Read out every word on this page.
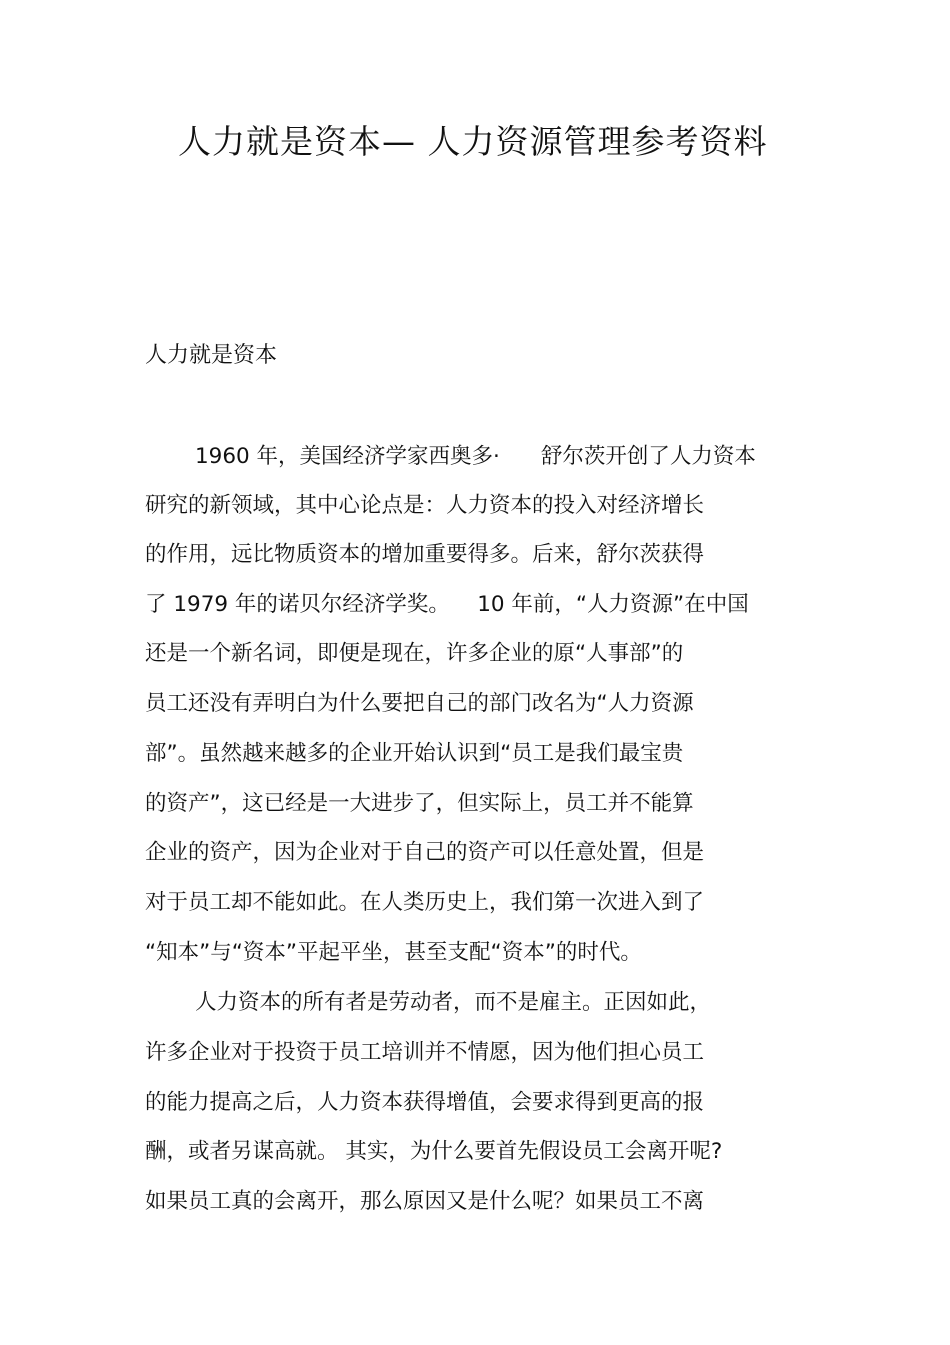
人力就是资本— 人力资源管理参考资料
人力就是资本

1960 年，美国经济学家西奥多·      舒尔茨开创了人力资本

研究的新领域，其中心论点是：人力资本的投入对经济增长

的作用，远比物质资本的增加重要得多。后来，舒尔茨获得

了 1979 年的诺贝尔经济学奖。    10 年前，“人力资源”在中国

还是一个新名词，即便是现在，许多企业的原“人事部”的

员工还没有弄明白为什么要把自己的部门改名为“人力资源

部”。虽然越来越多的企业开始认识到“员工是我们最宝贵

的资产”，这已经是一大进步了，但实际上，员工并不能算

企业的资产，因为企业对于自己的资产可以任意处置，但是

对于员工却不能如此。在人类历史上，我们第一次进入到了

“知本”与“资本”平起平坐，甚至支配“资本”的时代。

人力资本的所有者是劳动者，而不是雇主。正因如此，

许多企业对于投资于员工培训并不情愿，因为他们担心员工

的能力提高之后，人力资本获得增值，会要求得到更高的报

酬，或者另谋高就。 其实，为什么要首先假设员工会离开呢?

如果员工真的会离开，那么原因又是什么呢？如果员工不离
